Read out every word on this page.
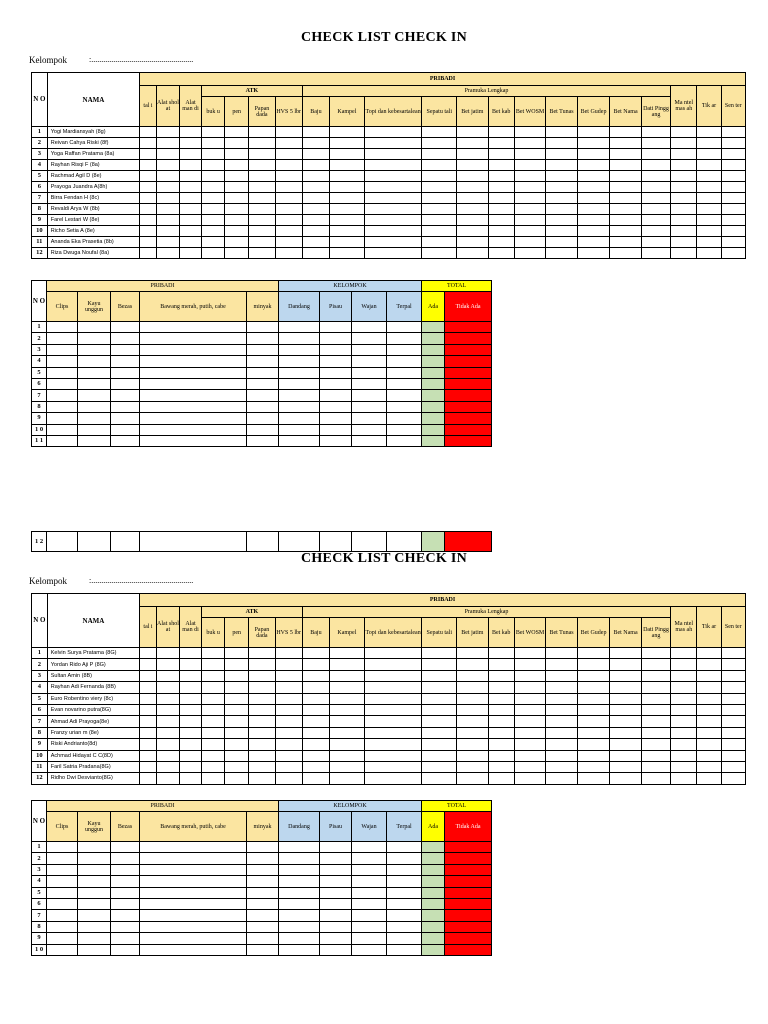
CHECK LIST CHECK IN
Kelompok	:...................................................
N O	NAMA	PRIBADI																				
		tal i	Alat shol at	Alat man di	ATK				Pramuka Lengkap											Ma ntel mas ah	Tik ar	Sen ter
					buk u	pen	Papan dada	HVS 5 lbr	Baju	Kampel	Topi dan kebesartalean	Sepatu tali	Bet jatim	Bet kab	Bet WOSM	Bet Tunas	Bet Gudep	Bet Nama	Dati Pingg ang			
1	Yogi Mardiansyah (8g)																					
2	Reivan Cahya Riski (8f)																					
3	Yoga Raffan Pratama (8a)																					
4	Rayhan Risqi F (8a)																					
5	Rachmad Agil D (8e)																					
6	Prayoga Juandra A(8h)																					
7	Birra Fendan H (8c)																					
8	Revaldi Arya W (8b)																					
9	Farel Lestari W (8e)																					
10	Richo Setia A (8e)																					
11	Ananda Eka Prasetia (8b)																					
12	Riza Dwuga Noufal (8a)																					
N O	PRIBADI					KELOMPOK				TOTAL	
	Clips	Kayu unggun	Bezas	Bawang merah, putih, cabe	minyak	Dandang	Pisau	Wajan	Terpal	Ada	Tidak Ada
1											
2											
3											
4											
5											
6											
7											
8											
9											
1 0											
1 1											
1 2											
CHECK LIST CHECK IN
Kelompok	:...................................................
N O	NAMA	PRIBADI																				
		tal i	Alat shol at	Alat man di	ATK				Pramuka Lengkap											Ma ntel mas ah	Tik ar	Sen ter
					buk u	pen	Papan dada	HVS 5 lbr	Baju	Kampel	Topi dan kebesartalean	Sepatu tali	Bet jatim	Bet kab	Bet WOSM	Bet Tunas	Bet Gudep	Bet Nama	Dati Pingg ang			
1	Kelvin Surya Pratama (8G)																					
2	Yordan Rido Aji P (8G)																					
3	Sultan Amin (8B)																					
4	Rayhan Adi Fernanda (8B)																					
5	Euro Robentino viery (8c)																					
6	Evan novarino putra(8G)																					
7	Ahmad Adi Prayoga(8e)																					
8	Franzy urian m (8e)																					
9	Riski Andrianto(8d)																					
10	Achmad Hidayat C C(8D)																					
11	Faril Satria Pradana(8G)																					
12	Ridho Dwi Desvianto(8G)																					
N O	PRIBADI					KELOMPOK				TOTAL	
	Clips	Kayu unggun	Bezas	Bawang merah, putih, cabe	minyak	Dandang	Pisau	Wajan	Terpal	Ada	Tidak Ada
1											
2											
3											
4											
5											
6											
7											
8											
9											
1 0											
